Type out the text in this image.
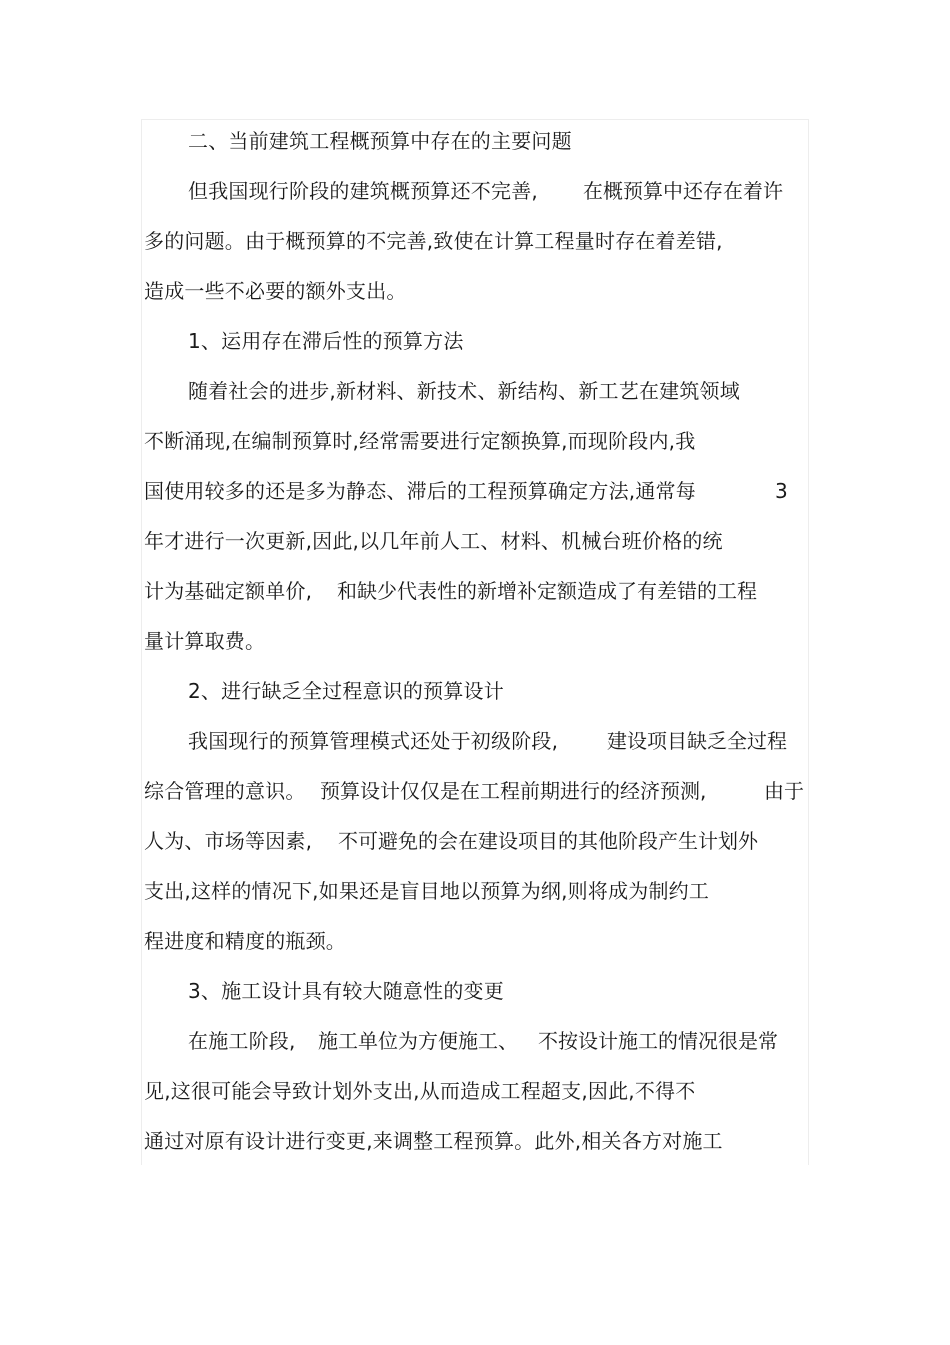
二、当前建筑工程概预算中存在的主要问题
但我国现行阶段的建筑概预算还不完善, 在概预算中还存在着许
多的问题。由于概预算的不完善,致使在计算工程量时存在着差错,
造成一些不必要的额外支出。
1、运用存在滞后性的预算方法
随着社会的进步,新材料、新技术、新结构、新工艺在建筑领域
不断涌现,在编制预算时,经常需要进行定额换算,而现阶段内,我
国使用较多的还是多为静态、滞后的工程预算确定方法,通常每	3
年才进行一次更新,因此,以几年前人工、材料、机械台班价格的统
计为基础定额单价, 和缺少代表性的新增补定额造成了有差错的工程
量计算取费。
2、进行缺乏全过程意识的预算设计
我国现行的预算管理模式还处于初级阶段, 建设项目缺乏全过程
综合管理的意识。 预算设计仅仅是在工程前期进行的经济预测,	由于
人为、市场等因素, 不可避免的会在建设项目的其他阶段产生计划外
支出,这样的情况下,如果还是盲目地以预算为纲,则将成为制约工
程进度和精度的瓶颈。
3、施工设计具有较大随意性的变更
在施工阶段, 施工单位为方便施工、 不按设计施工的情况很是常
见,这很可能会导致计划外支出,从而造成工程超支,因此,不得不
通过对原有设计进行变更,来调整工程预算。此外,相关各方对施工
